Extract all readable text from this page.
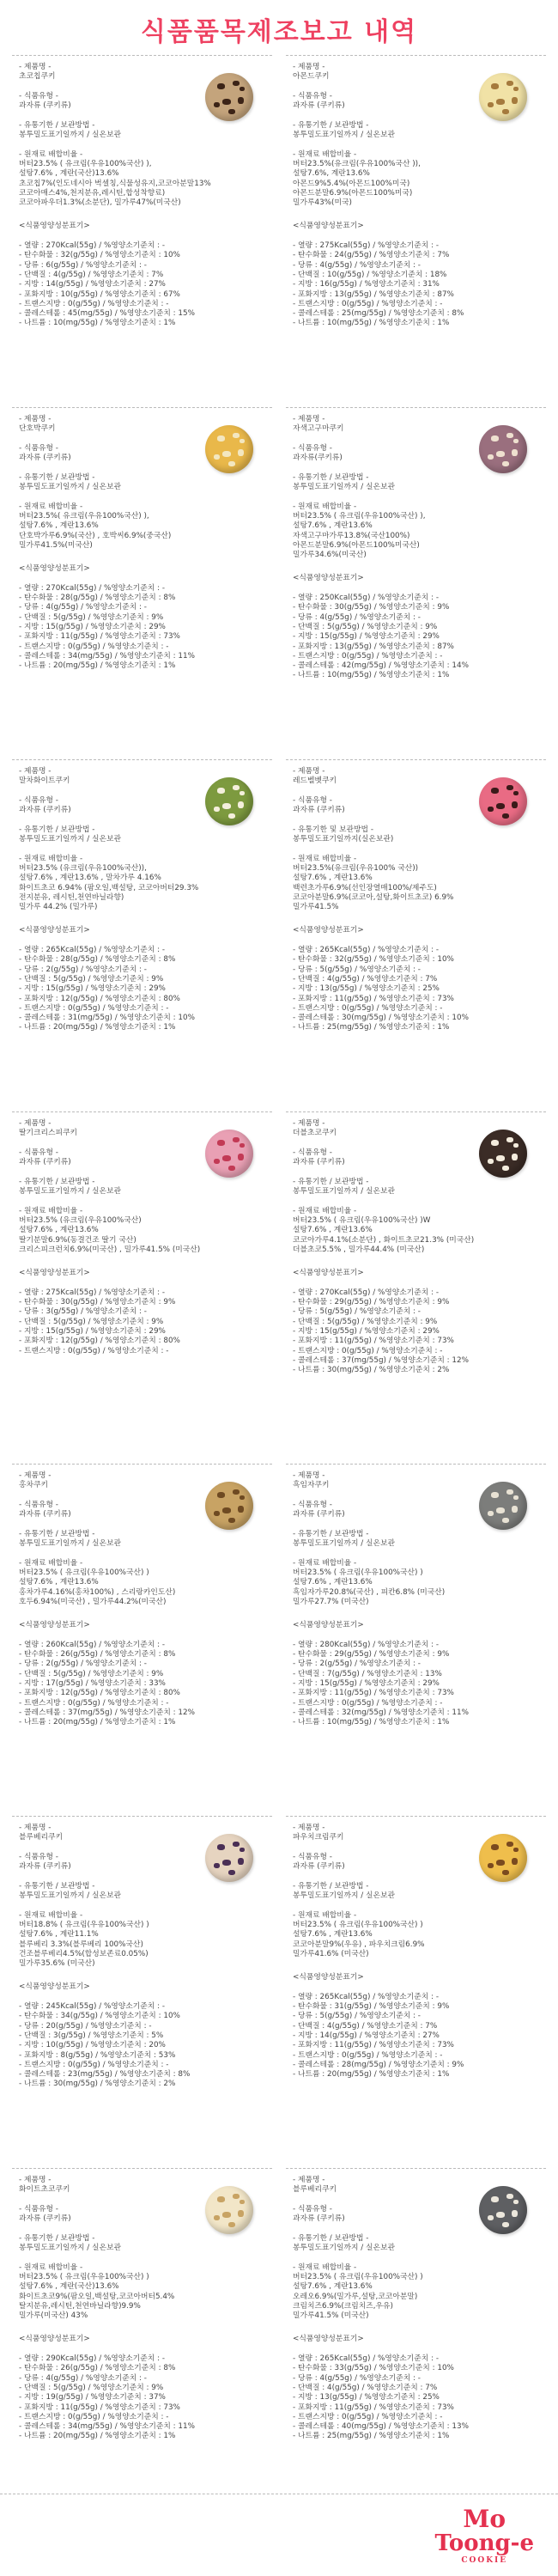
식품품목제조보고 내역
- 제품명 -
초코칩쿠키

- 식품유형 -
과자류 (쿠키류)

- 유통기한 / 보관방법 -
봉투밀도표기일까지 / 실온보관

- 원재료 배합비율 -
버터23.5% ( 유크림(우유100%국산) ),
설탕7.6% , 계란(국산)13.6%
초코칩7%(인도네시아 벅셀칭,식물성유지,코코아분말13%
코코아매스4%,천지분유,레시틴,합성착향료)
코코아파우더1.3%(소분단), 밀가루47%(미국산)
<식품영양성분표기>

- 열량 : 270Kcal(55g) / %영양소기준치 : -
- 탄수화물 : 32(g/55g) / %영양소기준치 : 10%
- 당류 : 6(g/55g) / %영양소기준치 : -
- 단백질 : 4(g/55g) / %영양소기준치 : 7%
- 지방 : 14(g/55g) / %영양소기준치 : 27%
- 포화지방 : 10(g/55g) / %영양소기준치 : 67%
- 트랜스지방 : 0(g/55g) / %영양소기준치 : -
- 콜레스테롤 : 45(mg/55g) / %영양소기준치 : 15%
- 나트륨 : 10(mg/55g) / %영양소기준치 : 1%
- 제품명 -
아몬드쿠키

- 식품유형 -
과자류 (쿠키류)

- 유통기한 / 보관방법 -
봉투밀도표기일까지 / 실온보관

- 원재료 배합비율 -
버터23.5%(유크림(우유100%국산 )),
설탕7.6%, 계란13.6%
아몬드9%5.4%(아몬드100%미국)
아몬드분말6.9%(아몬드100%미국)
밀가루43%(미국)
<식품영양성분표기>

- 열량 : 275Kcal(55g) / %영양소기준치 : -
- 탄수화물 : 24(g/55g) / %영양소기준치 : 7%
- 당류 : 4(g/55g) / %영양소기준치 : -
- 단백질 : 10(g/55g) / %영양소기준치 : 18%
- 지방 : 16(g/55g) / %영양소기준치 : 31%
- 포화지방 : 13(g/55g) / %영양소기준치 : 87%
- 트랜스지방 : 0(g/55g) / %영양소기준치 : -
- 콜레스테롤 : 25(mg/55g) / %영양소기준치 : 8%
- 나트륨 : 10(mg/55g) / %영양소기준치 : 1%
- 제품명 -
단호박쿠키

- 식품유형 -
과자류 (쿠키류)

- 유통기한 / 보관방법 -
봉투밀도표기일까지 / 실온보관

- 원재료 배합비율 -
버터23.5%( 유크림(우유100%국산) ),
설탕7.6% , 계란13.6%
단호박가루6.9%(국산) , 호박씨6.9%(중국산)
밀가루41.5%(미국산)
<식품영양성분표기>

- 열량 : 270Kcal(55g) / %영양소기준치 : -
- 탄수화물 : 28(g/55g) / %영양소기준치 : 8%
- 당류 : 4(g/55g) / %영양소기준치 : -
- 단백질 : 5(g/55g) / %영양소기준치 : 9%
- 지방 : 15(g/55g) / %영양소기준치 : 29%
- 포화지방 : 11(g/55g) / %영양소기준치 : 73%
- 트랜스지방 : 0(g/55g) / %영양소기준치 : -
- 콜레스테롤 : 34(mg/55g) / %영양소기준치 : 11%
- 나트륨 : 20(mg/55g) / %영양소기준치 : 1%
- 제품명 -
자색고구마쿠키

- 식품유형 -
과자류(쿠키류)

- 유통기한 / 보관방법 -
봉투밀도표기일까지 / 실온보관

- 원재료 배합비율 -
버터23.5% ( 유크림(우유100%국산) ),
설탕7.6% , 계란13.6%
자색고구마가루13.8%(국산100%)
아몬드분말6.9%(아몬드100%미국산)
밀가루34.6%(미국산)
<식품영양성분표기>

- 열량 : 250Kcal(55g) / %영양소기준치 : -
- 탄수화물 : 30(g/55g) / %영양소기준치 : 9%
- 당류 : 4(g/55g) / %영양소기준치 : -
- 단백질 : 5(g/55g) / %영양소기준치 : 9%
- 지방 : 15(g/55g) / %영양소기준치 : 29%
- 포화지방 : 13(g/55g) / %영양소기준치 : 87%
- 트랜스지방 : 0(g/55g) / %영양소기준치 : -
- 콜레스테롤 : 42(mg/55g) / %영양소기준치 : 14%
- 나트륨 : 10(mg/55g) / %영양소기준치 : 1%
- 제품명 -
말차화이트쿠키

- 식품유형 -
과자류 (쿠키류)

- 유통기한 / 보관방법 -
봉투밀도표기일까지 / 실온보관

- 원재료 배합비율 -
버터23.5% (유크림(우유100%국산)),
설탕7.6% , 계란13.6% , 말차가루 4.16%
화이트초코 6.94% (팜오일,백설탕, 코코아버터29.3%
전지분유, 레시틴,천연바닐라향)
밀가루 44.2% (밀가루)
<식품영양성분표기>

- 열량 : 265Kcal(55g) / %영양소기준치 : -
- 탄수화물 : 28(g/55g) / %영양소기준치 : 8%
- 당류 : 2(g/55g) / %영양소기준치 : -
- 단백질 : 5(g/55g) / %영양소기준치 : 9%
- 지방 : 15(g/55g) / %영양소기준치 : 29%
- 포화지방 : 12(g/55g) / %영양소기준치 : 80%
- 트랜스지방 : 0(g/55g) / %영양소기준치 : -
- 콜레스테롤 : 31(mg/55g) / %영양소기준치 : 10%
- 나트륨 : 20(mg/55g) / %영양소기준치 : 1%
- 제품명 -
레드벨벳쿠키

- 식품유형 -
과자류 (쿠키류)

- 유통기한 및 보관방법 -
봉투밀도표기일까지(실온보관)

- 원재료 배합비율 -
버터23.5%(유크림(우유100% 국산))
설탕7.6% , 계란13.6%
백련초가루6.9%(선인장열매100%/제주도)
코코아분말6.9%(코코아,설탕,화이트초코) 6.9%
밀가루41.5%
<식품영양성분표기>

- 열량 : 265Kcal(55g) / %영양소기준치 : -
- 탄수화물 : 32(g/55g) / %영양소기준치 : 10%
- 당류 : 5(g/55g) / %영양소기준치 : -
- 단백질 : 4(g/55g) / %영양소기준치 : 7%
- 지방 : 13(g/55g) / %영양소기준치 : 25%
- 포화지방 : 11(g/55g) / %영양소기준치 : 73%
- 트랜스지방 : 0(g/55g) / %영양소기준치 : -
- 콜레스테롤 : 30(mg/55g) / %영양소기준치 : 10%
- 나트륨 : 25(mg/55g) / %영양소기준치 : 1%
- 제품명 -
딸기크리스피쿠키

- 식품유형 -
과자류 (쿠키류)

- 유통기한 / 보관방법 -
봉투밀도표기일까지 / 실온보관

- 원재료 배합비율 -
버터23.5% (유크림(우유100%국산)
설탕7.6% , 계란13.6%
딸기분말6.9%(동결건조 딸기 국산)
크리스피크런치6.9%(미국산) , 밀가루41.5% (미국산)
<식품영양성분표기>

- 열량 : 275Kcal(55g) / %영양소기준치 : -
- 탄수화물 : 30(g/55g) / %영양소기준치 : 9%
- 당류 : 3(g/55g) / %영양소기준치 : -
- 단백질 : 5(g/55g) / %영양소기준치 : 9%
- 지방 : 15(g/55g) / %영양소기준치 : 29%
- 포화지방 : 12(g/55g) / %영양소기준치 : 80%
- 트랜스지방 : 0(g/55g) / %영양소기준치 : -
- 제품명 -
더블초코쿠키

- 식품유형 -
과자류 (쿠키류)

- 유통기한 / 보관방법 -
봉투밀도표기일까지 / 실온보관

- 원재료 배합비율 -
버터23.5% ( 유크림(우유100%국산) )W
설탕7.6% , 계란13.6%
코코아가루4.1%(소분단) , 화이트초코21.3% (미국산)
더블초코5.5% , 밀가루44.4% (미국산)
<식품영양성분표기>

- 열량 : 270Kcal(55g) / %영양소기준치 : -
- 탄수화물 : 29(g/55g) / %영양소기준치 : 9%
- 당류 : 5(g/55g) / %영양소기준치 : -
- 단백질 : 5(g/55g) / %영양소기준치 : 9%
- 지방 : 15(g/55g) / %영양소기준치 : 29%
- 포화지방 : 11(g/55g) / %영양소기준치 : 73%
- 트랜스지방 : 0(g/55g) / %영양소기준치 : -
- 콜레스테롤 : 37(mg/55g) / %영양소기준치 : 12%
- 나트륨 : 30(mg/55g) / %영양소기준치 : 2%
- 제품명 -
홍차쿠키

- 식품유형 -
과자류 (쿠키류)

- 유통기한 / 보관방법 -
봉투밀도표기일까지 / 실온보관

- 원재료 배합비율 -
버터23.5% ( 유크림(우유100%국산) )
설탕7.6% , 계란13.6%
홍차가루4.16%(홍차100%) , 스리랑카인도산)
호두6.94%(미국산) , 밀가루44.2%(미국산)
<식품영양성분표기>

- 열량 : 260Kcal(55g) / %영양소기준치 : -
- 탄수화물 : 26(g/55g) / %영양소기준치 : 8%
- 당류 : 2(g/55g) / %영양소기준치 : -
- 단백질 : 5(g/55g) / %영양소기준치 : 9%
- 지방 : 17(g/55g) / %영양소기준치 : 33%
- 포화지방 : 12(g/55g) / %영양소기준치 : 80%
- 트랜스지방 : 0(g/55g) / %영양소기준치 : -
- 콜레스테롤 : 37(mg/55g) / %영양소기준치 : 12%
- 나트륨 : 20(mg/55g) / %영양소기준치 : 1%
- 제품명 -
흑임자쿠키

- 식품유형 -
과자류 (쿠키류)

- 유통기한 / 보관방법 -
봉투밀도표기일까지 / 실온보관

- 원재료 배합비율 -
버터23.5% ( 유크림(우유100%국산) )
설탕7.6% , 계란13.6%
흑임자가루20.8%(국산) , 피칸6.8% (미국산)
밀가루27.7% (미국산)
<식품영양성분표기>

- 열량 : 280Kcal(55g) / %영양소기준치 : -
- 탄수화물 : 29(g/55g) / %영양소기준치 : 9%
- 당류 : 2(g/55g) / %영양소기준치 : -
- 단백질 : 7(g/55g) / %영양소기준치 : 13%
- 지방 : 15(g/55g) / %영양소기준치 : 29%
- 포화지방 : 11(g/55g) / %영양소기준치 : 73%
- 트랜스지방 : 0(g/55g) / %영양소기준치 : -
- 콜레스테롤 : 32(mg/55g) / %영양소기준치 : 11%
- 나트륨 : 10(mg/55g) / %영양소기준치 : 1%
- 제품명 -
블루베리쿠키

- 식품유형 -
과자류 (쿠키류)

- 유통기한 / 보관방법 -
봉투밀도표기일까지 / 실온보관

- 원재료 배합비율 -
버터18.8% ( 유크림(우유100%국산) )
설탕7.6% , 계란11.1%
블루베리 3.3%(블루베리 100%국산)
건조블루베리4.5%(합성보존료0.05%)
밀가루35.6% (미국산)
<식품영양성분표기>

- 열량 : 245Kcal(55g) / %영양소기준치 : -
- 탄수화물 : 34(g/55g) / %영양소기준치 : 10%
- 당류 : 20(g/55g) / %영양소기준치 : -
- 단백질 : 3(g/55g) / %영양소기준치 : 5%
- 지방 : 10(g/55g) / %영양소기준치 : 20%
- 포화지방 : 8(g/55g) / %영양소기준치 : 53%
- 트랜스지방 : 0(g/55g) / %영양소기준치 : -
- 콜레스테롤 : 23(mg/55g) / %영양소기준치 : 8%
- 나트륨 : 30(mg/55g) / %영양소기준치 : 2%
- 제품명 -
파우치크림쿠키

- 식품유형 -
과자류 (쿠키류)

- 유통기한 / 보관방법 -
봉투밀도표기일까지 / 실온보관

- 원재료 배합비율 -
버터23.5% ( 유크림(우유100%국산) )
설탕7.6% , 계란13.6%
코코아분말9%(우유) , 파우치크림6.9%
밀가루41.6% (미국산)
<식품영양성분표기>

- 열량 : 265Kcal(55g) / %영양소기준치 : -
- 탄수화물 : 31(g/55g) / %영양소기준치 : 9%
- 당류 : 5(g/55g) / %영양소기준치 : -
- 단백질 : 4(g/55g) / %영양소기준치 : 7%
- 지방 : 14(g/55g) / %영양소기준치 : 27%
- 포화지방 : 11(g/55g) / %영양소기준치 : 73%
- 트랜스지방 : 0(g/55g) / %영양소기준치 : -
- 콜레스테롤 : 28(mg/55g) / %영양소기준치 : 9%
- 나트륨 : 20(mg/55g) / %영양소기준치 : 1%
- 제품명 -
화이트초코쿠키

- 식품유형 -
과자류 (쿠키류)

- 유통기한 / 보관방법 -
봉투밀도표기일까지 / 실온보관

- 원재료 배합비율 -
버터23.5% ( 유크림(우유100%국산) )
설탕7.6% , 계란(국산)13.6%
화이트초코9%(팜오일,백설탕,코코아버터5.4%
탈지분유,레시틴,천연바닐라향)9.9%
밀가루(미국산) 43%
<식품영양성분표기>

- 열량 : 290Kcal(55g) / %영양소기준치 : -
- 탄수화물 : 26(g/55g) / %영양소기준치 : 8%
- 당류 : 4(g/55g) / %영양소기준치 : -
- 단백질 : 5(g/55g) / %영양소기준치 : 9%
- 지방 : 19(g/55g) / %영양소기준치 : 37%
- 포화지방 : 11(g/55g) / %영양소기준치 : 73%
- 트랜스지방 : 0(g/55g) / %영양소기준치 : -
- 콜레스테롤 : 34(mg/55g) / %영양소기준치 : 11%
- 나트륨 : 20(mg/55g) / %영양소기준치 : 1%
- 제품명 -
블루베리쿠키

- 식품유형 -
과자류 (쿠키류)

- 유통기한 / 보관방법 -
봉투밀도표기일까지 / 실온보관

- 원재료 배합비율 -
버터23.5% ( 유크림(우유100%국산) )
설탕7.6% , 계란13.6%
오레오6.9%(밀가루,설탕,코코아분말)
크림치즈6.9%(크림치즈,우유)
밀가루41.5% (미국산)
<식품영양성분표기>

- 열량 : 265Kcal(55g) / %영양소기준치 : -
- 탄수화물 : 33(g/55g) / %영양소기준치 : 10%
- 당류 : 4(g/55g) / %영양소기준치 : -
- 단백질 : 4(g/55g) / %영양소기준치 : 7%
- 지방 : 13(g/55g) / %영양소기준치 : 25%
- 포화지방 : 11(g/55g) / %영양소기준치 : 73%
- 트랜스지방 : 0(g/55g) / %영양소기준치 : -
- 콜레스테롤 : 40(mg/55g) / %영양소기준치 : 13%
- 나트륨 : 25(mg/55g) / %영양소기준치 : 1%
Mo
Toong-e
COOKIE
